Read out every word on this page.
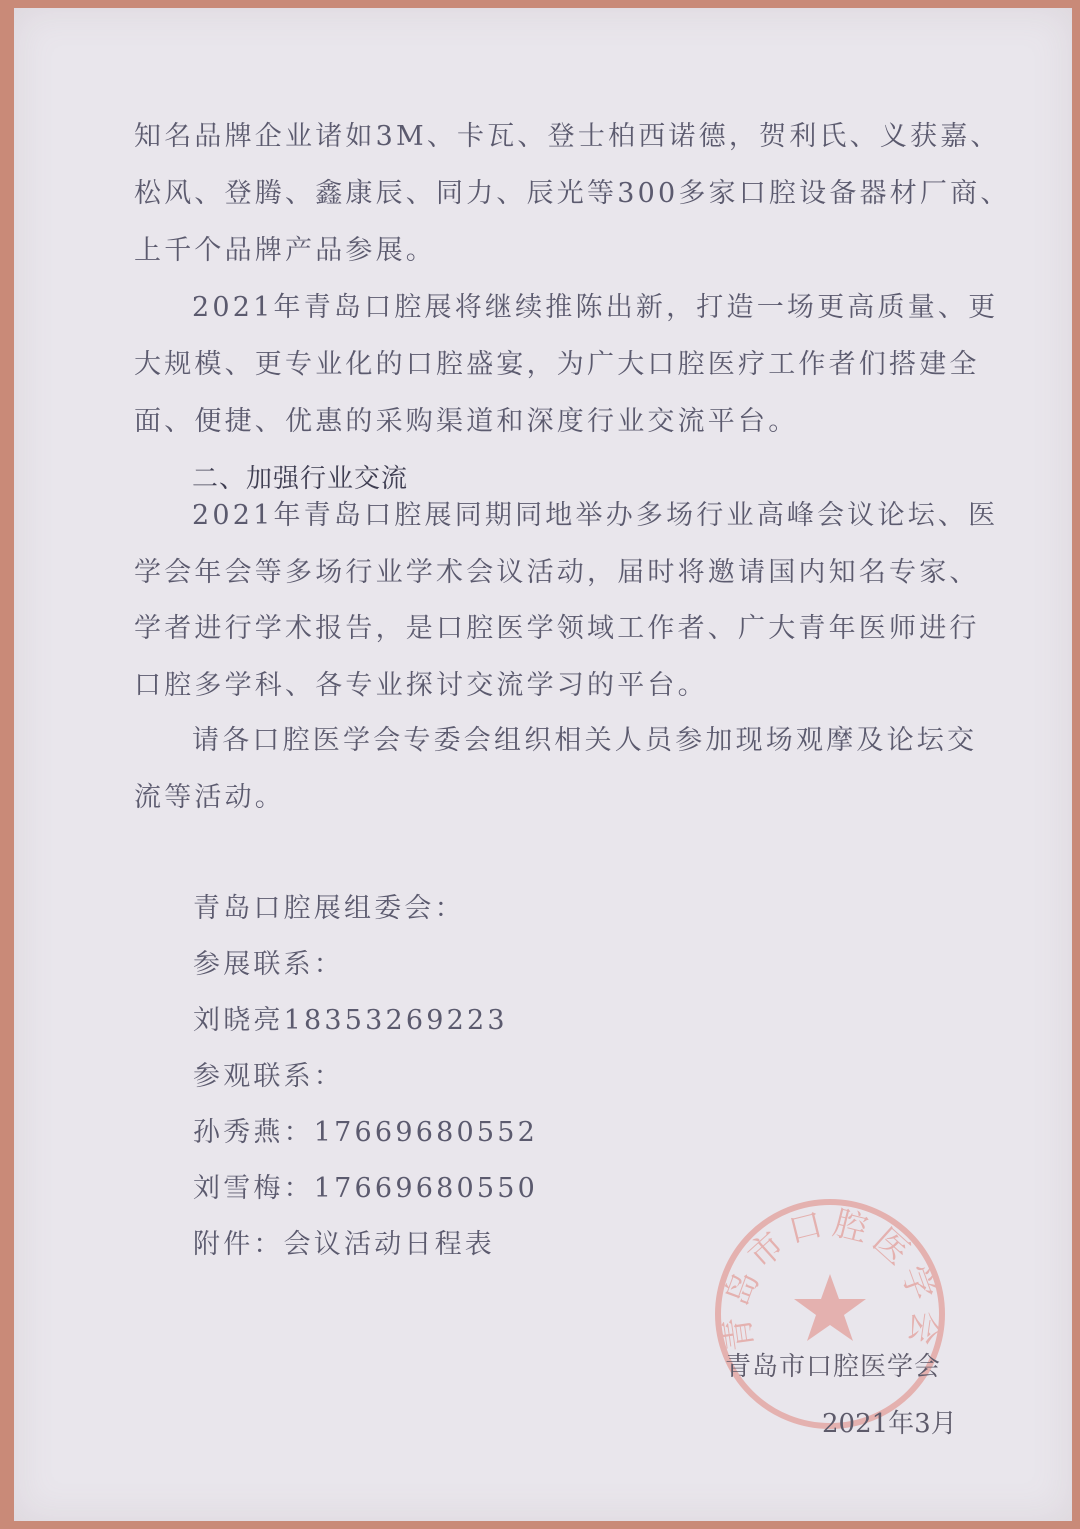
知名品牌企业诸如3M、卡瓦、登士柏西诺德，贺利氏、义获嘉、
松风、登腾、鑫康辰、同力、辰光等300多家口腔设备器材厂商、
上千个品牌产品参展。
2021年青岛口腔展将继续推陈出新，打造一场更高质量、更
大规模、更专业化的口腔盛宴，为广大口腔医疗工作者们搭建全
面、便捷、优惠的采购渠道和深度行业交流平台。
二、加强行业交流
2021年青岛口腔展同期同地举办多场行业高峰会议论坛、医
学会年会等多场行业学术会议活动，届时将邀请国内知名专家、
学者进行学术报告，是口腔医学领域工作者、广大青年医师进行
口腔多学科、各专业探讨交流学习的平台。
请各口腔医学会专委会组织相关人员参加现场观摩及论坛交
流等活动。
青岛口腔展组委会：
参展联系：
刘晓亮18353269223
参观联系：
孙秀燕：17669680552
刘雪梅：17669680550
附件：会议活动日程表
青岛市口腔医学会
青岛市口腔医学会
2021年3月
